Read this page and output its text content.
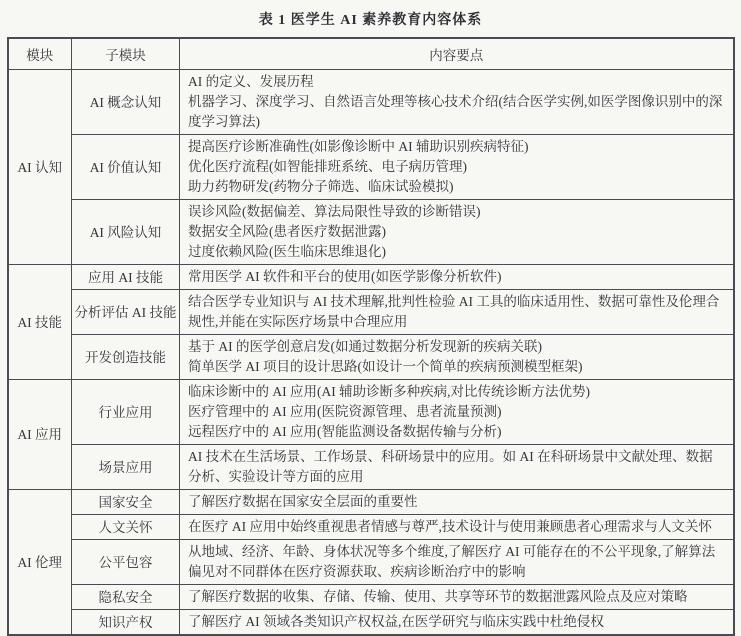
表 1 医学生 AI 素养教育内容体系
模块	子模块	内容要点
AI 认知	AI 概念认知	AI 的定义、发展历程
机器学习、深度学习、自然语言处理等核心技术介绍(结合医学实例,如医学图像识别中的深度学习算法)

	AI 价值认知	提高医疗诊断准确性(如影像诊断中 AI 辅助识别疾病特征)
优化医疗流程(如智能排班系统、电子病历管理)
助力药物研发(药物分子筛选、临床试验模拟)

	AI 风险认知	误诊风险(数据偏差、算法局限性导致的诊断错误)
数据安全风险(患者医疗数据泄露)
过度依赖风险(医生临床思维退化)

AI 技能	应用 AI 技能	常用医学 AI 软件和平台的使用(如医学影像分析软件)

	分析评估 AI 技能	结合医学专业知识与 AI 技术理解,批判性检验 AI 工具的临床适用性、数据可靠性及伦理合规性,并能在实际医疗场景中合理应用

	开发创造技能	基于 AI 的医学创意启发(如通过数据分析发现新的疾病关联)
简单医学 AI 项目的设计思路(如设计一个简单的疾病预测模型框架)

AI 应用	行业应用	临床诊断中的 AI 应用(AI 辅助诊断多种疾病,对比传统诊断方法优势)
医疗管理中的 AI 应用(医院资源管理、患者流量预测)
远程医疗中的 AI 应用(智能监测设备数据传输与分析)

	场景应用	AI 技术在生活场景、工作场景、科研场景中的应用。如 AI 在科研场景中文献处理、数据分析、实验设计等方面的应用

AI 伦理	国家安全	了解医疗数据在国家安全层面的重要性

	人文关怀	在医疗 AI 应用中始终重视患者情感与尊严,技术设计与使用兼顾患者心理需求与人文关怀

	公平包容	从地域、经济、年龄、身体状况等多个维度,了解医疗 AI 可能存在的不公平现象,了解算法偏见对不同群体在医疗资源获取、疾病诊断治疗中的影响

	隐私安全	了解医疗数据的收集、存储、传输、使用、共享等环节的数据泄露风险点及应对策略

	知识产权	了解医疗 AI 领域各类知识产权权益,在医学研究与临床实践中杜绝侵权
